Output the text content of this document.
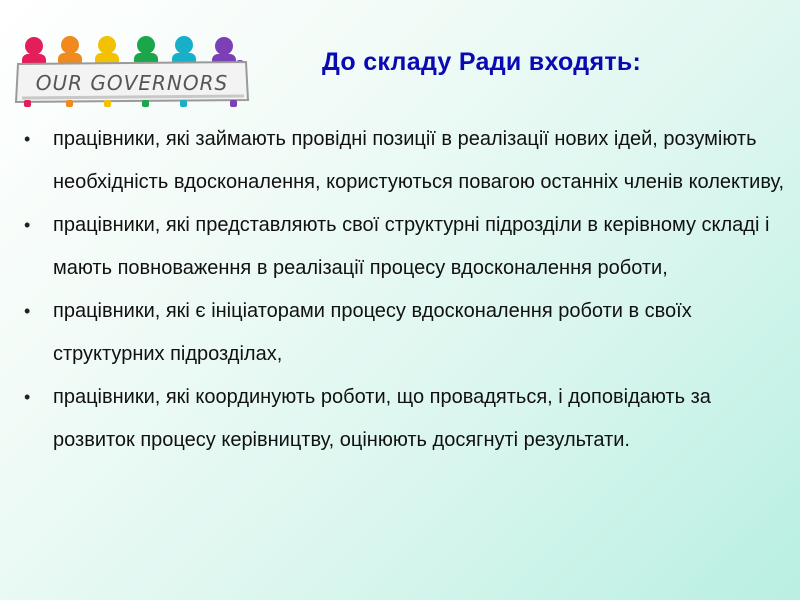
OUR GOVERNORS
До складу Ради входять:
• працівники, які займають провідні позиції в реалізації нових ідей, розуміють необхідність вдосконалення, користуються повагою останніх членів колективу,
• працівники, які представляють свої структурні підрозділи в керівному складі і мають повноваження в реалізації процесу вдосконалення роботи,
• працівники, які є ініціаторами процесу вдосконалення роботи в своїх структурних підрозділах,
• працівники, які координують роботи, що провадяться, і доповідають за розвиток процесу керівництву, оцінюють досягнуті результати.
